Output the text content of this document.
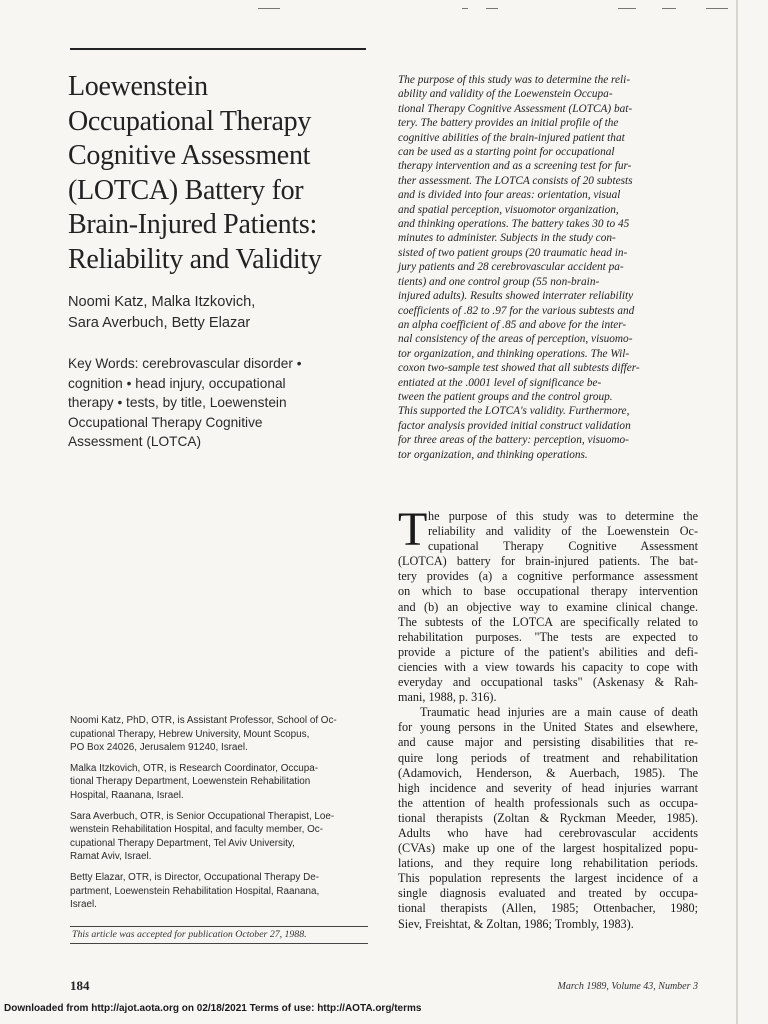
Loewenstein
Occupational Therapy
Cognitive Assessment
(LOTCA) Battery for
Brain-Injured Patients:
Reliability and Validity
Noomi Katz, Malka Itzkovich,
Sara Averbuch, Betty Elazar
Key Words: cerebrovascular disorder •
cognition • head injury, occupational
therapy • tests, by title, Loewenstein
Occupational Therapy Cognitive
Assessment (LOTCA)
The purpose of this study was to determine the reli-
ability and validity of the Loewenstein Occupa-
tional Therapy Cognitive Assessment (LOTCA) bat-
tery. The battery provides an initial profile of the
cognitive abilities of the brain-injured patient that
can be used as a starting point for occupational
therapy intervention and as a screening test for fur-
ther assessment. The LOTCA consists of 20 subtests
and is divided into four areas: orientation, visual
and spatial perception, visuomotor organization,
and thinking operations. The battery takes 30 to 45
minutes to administer. Subjects in the study con-
sisted of two patient groups (20 traumatic head in-
jury patients and 28 cerebrovascular accident pa-
tients) and one control group (55 non-brain-
injured adults). Results showed interrater reliability
coefficients of .82 to .97 for the various subtests and
an alpha coefficient of .85 and above for the inter-
nal consistency of the areas of perception, visuomo-
tor organization, and thinking operations. The Wil-
coxon two-sample test showed that all subtests differ-
entiated at the .0001 level of significance be-
tween the patient groups and the control group.
This supported the LOTCA's validity. Furthermore,
factor analysis provided initial construct validation
for three areas of the battery: perception, visuomo-
tor organization, and thinking operations.
T he purpose of this study was to determine the
reliability and validity of the Loewenstein Oc-
cupational Therapy Cognitive Assessment
(LOTCA) battery for brain-injured patients. The bat-
tery provides (a) a cognitive performance assessment
on which to base occupational therapy intervention
and (b) an objective way to examine clinical change.
The subtests of the LOTCA are specifically related to
rehabilitation purposes. "The tests are expected to
provide a picture of the patient's abilities and defi-
ciencies with a view towards his capacity to cope with
everyday and occupational tasks" (Askenasy & Rah-
mani, 1988, p. 316).
Traumatic head injuries are a main cause of death
for young persons in the United States and elsewhere,
and cause major and persisting disabilities that re-
quire long periods of treatment and rehabilitation
(Adamovich, Henderson, & Auerbach, 1985). The
high incidence and severity of head injuries warrant
the attention of health professionals such as occupa-
tional therapists (Zoltan & Ryckman Meeder, 1985).
Adults who have had cerebrovascular accidents
(CVAs) make up one of the largest hospitalized popu-
lations, and they require long rehabilitation periods.
This population represents the largest incidence of a
single diagnosis evaluated and treated by occupa-
tional therapists (Allen, 1985; Ottenbacher, 1980;
Siev, Freishtat, & Zoltan, 1986; Trombly, 1983).

Noomi Katz, PhD, OTR, is Assistant Professor, School of Oc-
cupational Therapy, Hebrew University, Mount Scopus,
PO Box 24026, Jerusalem 91240, Israel.

Malka Itzkovich, OTR, is Research Coordinator, Occupa-
tional Therapy Department, Loewenstein Rehabilitation
Hospital, Raanana, Israel.

Sara Averbuch, OTR, is Senior Occupational Therapist, Loe-
wenstein Rehabilitation Hospital, and faculty member, Oc-
cupational Therapy Department, Tel Aviv University,
Ramat Aviv, Israel.

Betty Elazar, OTR, is Director, Occupational Therapy De-
partment, Loewenstein Rehabilitation Hospital, Raanana,
Israel.

This article was accepted for publication October 27, 1988.
184	March 1989, Volume 43, Number 3
Downloaded from http://ajot.aota.org on 02/18/2021 Terms of use: http://AOTA.org/terms
